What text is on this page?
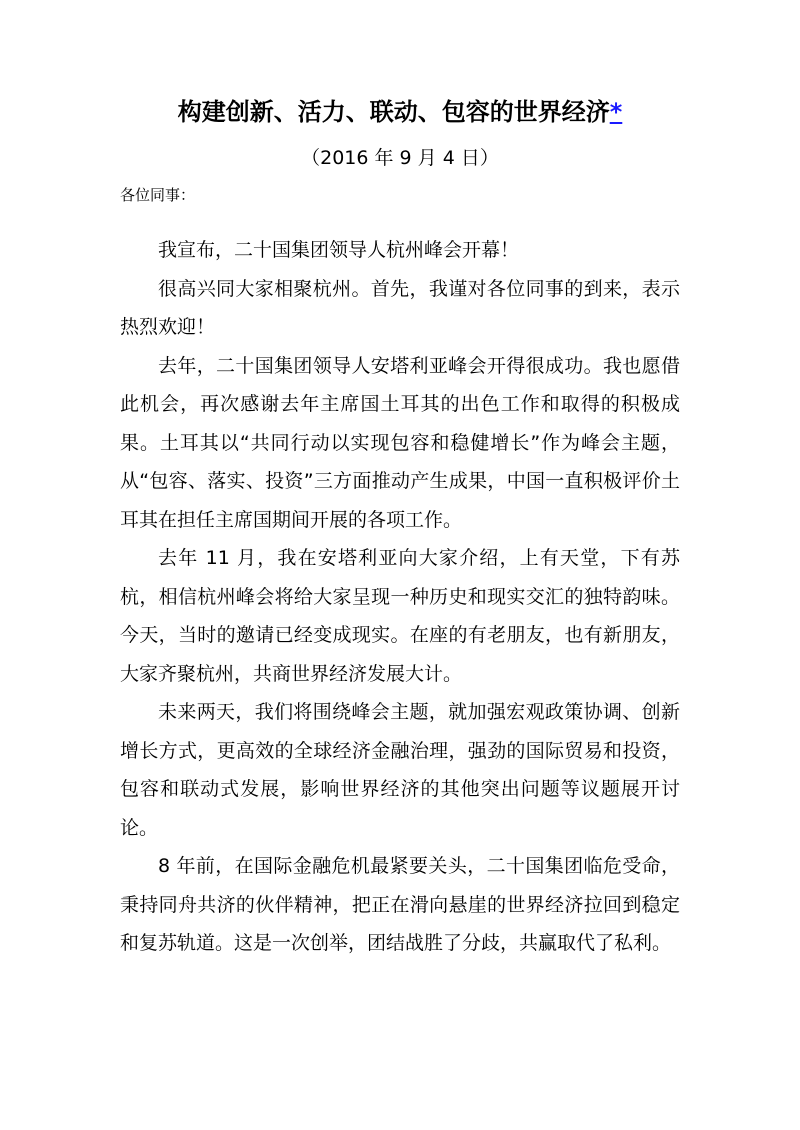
构建创新、活力、联动、包容的世界经济*
（2016 年 9 月 4 日）
各位同事：

我宣布，二十国集团领导人杭州峰会开幕！

很高兴同大家相聚杭州。首先，我谨对各位同事的到来，表示热烈欢迎！

去年，二十国集团领导人安塔利亚峰会开得很成功。我也愿借此机会，再次感谢去年主席国土耳其的出色工作和取得的积极成果。土耳其以“共同行动以实现包容和稳健增长”作为峰会主题，从“包容、落实、投资”三方面推动产生成果，中国一直积极评价土耳其在担任主席国期间开展的各项工作。

去年 11 月，我在安塔利亚向大家介绍，上有天堂，下有苏杭，相信杭州峰会将给大家呈现一种历史和现实交汇的独特韵味。今天，当时的邀请已经变成现实。在座的有老朋友，也有新朋友，大家齐聚杭州，共商世界经济发展大计。

未来两天，我们将围绕峰会主题，就加强宏观政策协调、创新增长方式，更高效的全球经济金融治理，强劲的国际贸易和投资，包容和联动式发展，影响世界经济的其他突出问题等议题展开讨论。

8 年前，在国际金融危机最紧要关头，二十国集团临危受命，秉持同舟共济的伙伴精神，把正在滑向悬崖的世界经济拉回到稳定和复苏轨道。这是一次创举，团结战胜了分歧，共赢取代了私利。
